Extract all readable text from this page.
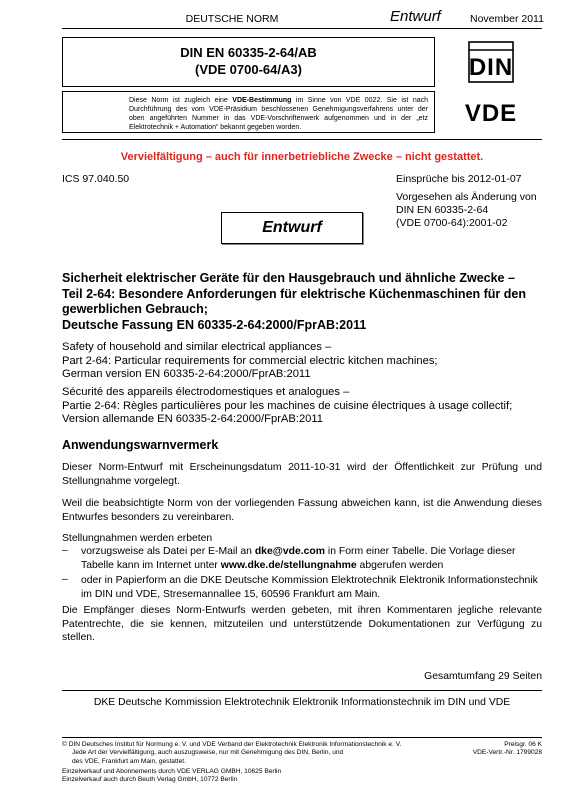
DEUTSCHE NORM	Entwurf	November 2011
DIN EN 60335-2-64/AB
(VDE 0700-64/A3)	DIN
Diese Norm ist zugleich eine VDE-Bestimmung im Sinne von VDE 0022. Sie ist nach Durchführung des vom VDE-Präsidium beschlossenen Genehmigungsverfahrens unter der oben angeführten Nummer in das VDE-Vorschriftenwerk aufgenommen und in der „etz Elektrotechnik + Automation“ bekannt gegeben worden.
VDE
Vervielfältigung – auch für innerbetriebliche Zwecke – nicht gestattet.
ICS 97.040.50	Einsprüche bis 2012-01-07
Vorgesehen als Änderung von
DIN EN 60335-2-64
(VDE 0700-64):2001-02
Entwurf
Sicherheit elektrischer Geräte für den Hausgebrauch und ähnliche Zwecke –
Teil 2-64: Besondere Anforderungen für elektrische Küchenmaschinen für den
gewerblichen Gebrauch;
Deutsche Fassung EN 60335-2-64:2000/FprAB:2011
Safety of household and similar electrical appliances –
Part 2-64: Particular requirements for commercial electric kitchen machines;
German version EN 60335-2-64:2000/FprAB:2011
Sécurité des appareils électrodomestiques et analogues –
Partie 2-64: Règles particulières pour les machines de cuisine électriques à usage collectif;
Version allemande EN 60335-2-64:2000/FprAB:2011
Anwendungswarnvermerk
Dieser Norm-Entwurf mit Erscheinungsdatum 2011-10-31 wird der Öffentlichkeit zur Prüfung und Stellungnahme vorgelegt.
Weil die beabsichtigte Norm von der vorliegenden Fassung abweichen kann, ist die Anwendung dieses Entwurfes besonders zu vereinbaren.
Stellungnahmen werden erbeten
– vorzugsweise als Datei per E-Mail an dke@vde.com in Form einer Tabelle. Die Vorlage dieser
Tabelle kann im Internet unter www.dke.de/stellungnahme abgerufen werden
– oder in Papierform an die DKE Deutsche Kommission Elektrotechnik Elektronik Informationstechnik
im DIN und VDE, Stresemannallee 15, 60596 Frankfurt am Main.
Die Empfänger dieses Norm-Entwurfs werden gebeten, mit ihren Kommentaren jegliche relevante Patentrechte, die sie kennen, mitzuteilen und unterstützende Dokumentationen zur Verfügung zu stellen.
Gesamtumfang 29 Seiten
DKE Deutsche Kommission Elektrotechnik Elektronik Informationstechnik im DIN und VDE
© DIN Deutsches Institut für Normung e. V. und VDE Verband der Elektrotechnik Elektronik Informationstechnik e. V.
Jede Art der Vervielfältigung, auch auszugsweise, nur mit Genehmigung des DIN, Berlin, und
des VDE, Frankfurt am Main, gestattet.
Preisgr. 06 K
VDE-Vertr.-Nr. 1799028
Einzelverkauf und Abonnements durch VDE VERLAG GMBH, 10625 Berlin
Einzelverkauf auch durch Beuth Verlag GmbH, 10772 Berlin
